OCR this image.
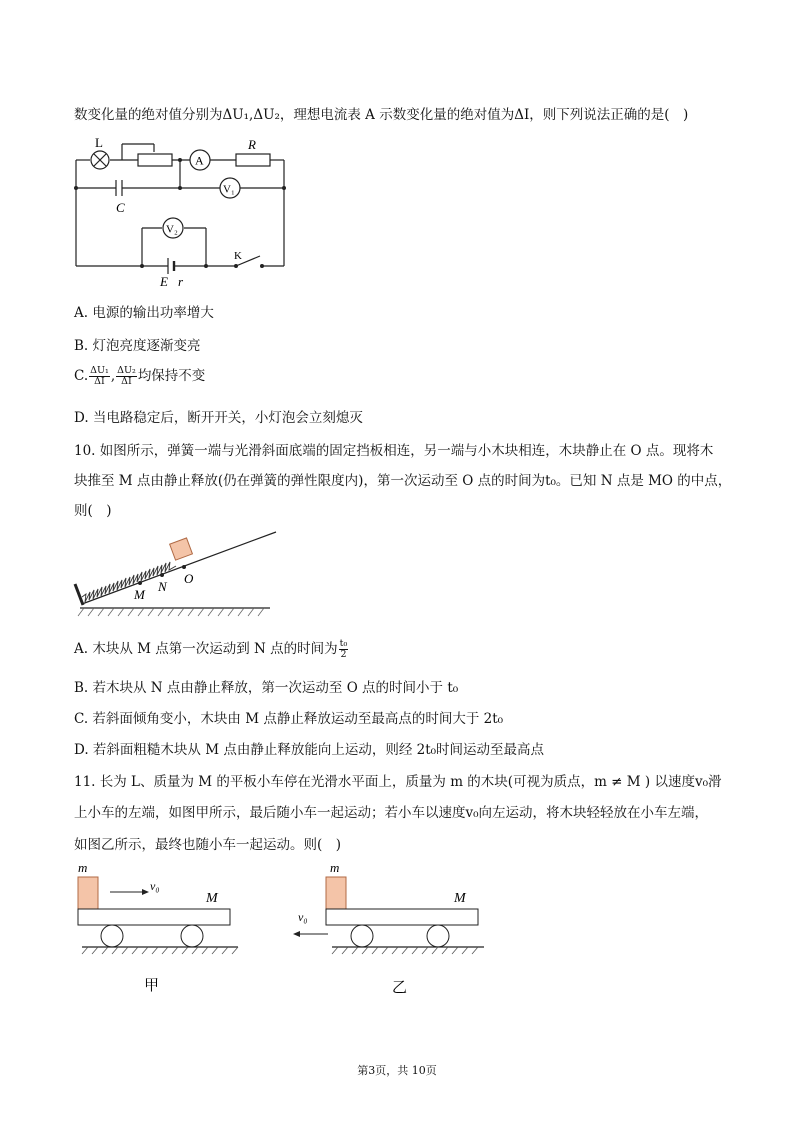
数变化量的绝对值分别为ΔU₁,ΔU₂，理想电流表 A 示数变化量的绝对值为ΔI，则下列说法正确的是(　)
L
A
R
C
V₁
V₂
K
E r
A. 电源的输出功率增大
B. 灯泡亮度逐渐变亮
C. $\frac{\text{ΔU₁}}{\Delta I}$ , $\frac{\text{ΔU₂}}{\Delta I}$ 均保持不变
D. 当电路稳定后，断开开关，小灯泡会立刻熄灭
10. 如图所示，弹簧一端与光滑斜面底端的固定挡板相连，另一端与小木块相连，木块静止在 O 点。现将木
块推至 M 点由静止释放(仍在弹簧的弹性限度内)，第一次运动至 O 点的时间为t₀。已知 N 点是 MO 的中点，
则(　)
M
N
O
A. 木块从 M 点第一次运动到 N 点的时间为 $\frac{\text{t₀}}{2}$
B. 若木块从 N 点由静止释放，第一次运动至 O 点的时间小于 t₀
C. 若斜面倾角变小，木块由 M 点静止释放运动至最高点的时间大于 2t₀
D. 若斜面粗糙木块从 M 点由静止释放能向上运动，则经 2t₀时间运动至最高点
11. 长为 L、质量为 M 的平板小车停在光滑水平面上，质量为 m 的木块(可视为质点，m ≠ M ) 以速度v₀滑
上小车的左端，如图甲所示，最后随小车一起运动；若小车以速度v₀向左运动，将木块轻轻放在小车左端，
如图乙所示，最终也随小车一起运动。则(　)
m
v₀
M
甲
m
M
v₀
乙
第3页，共 10页
